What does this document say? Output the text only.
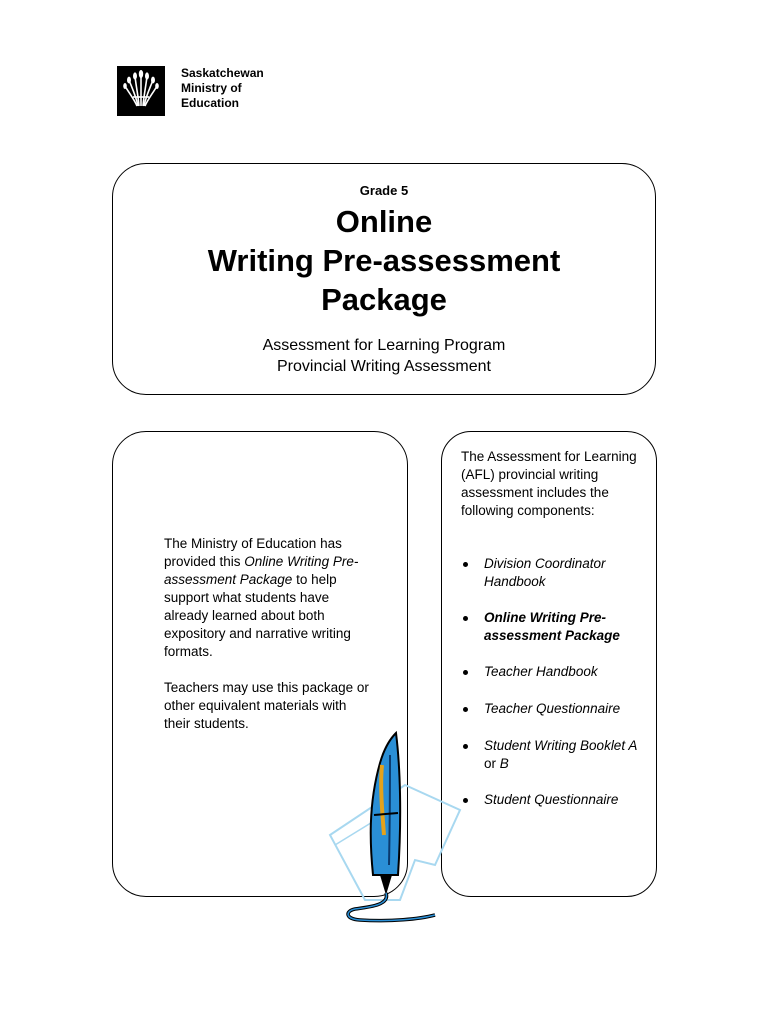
Saskatchewan
Ministry of
Education
Grade 5
Online
Writing Pre-assessment
Package
Assessment for Learning Program
Provincial Writing Assessment

The Ministry of Education has provided this Online Writing Pre-assessment Package to help support what students have already learned about both expository and narrative writing formats.

Teachers may use this package or other equivalent materials with their students.

The Assessment for Learning (AFL) provincial writing assessment includes the following components:
Division Coordinator Handbook
Online Writing Pre-assessment Package
Teacher Handbook
Teacher Questionnaire
Student Writing Booklet A or B
Student Questionnaire
